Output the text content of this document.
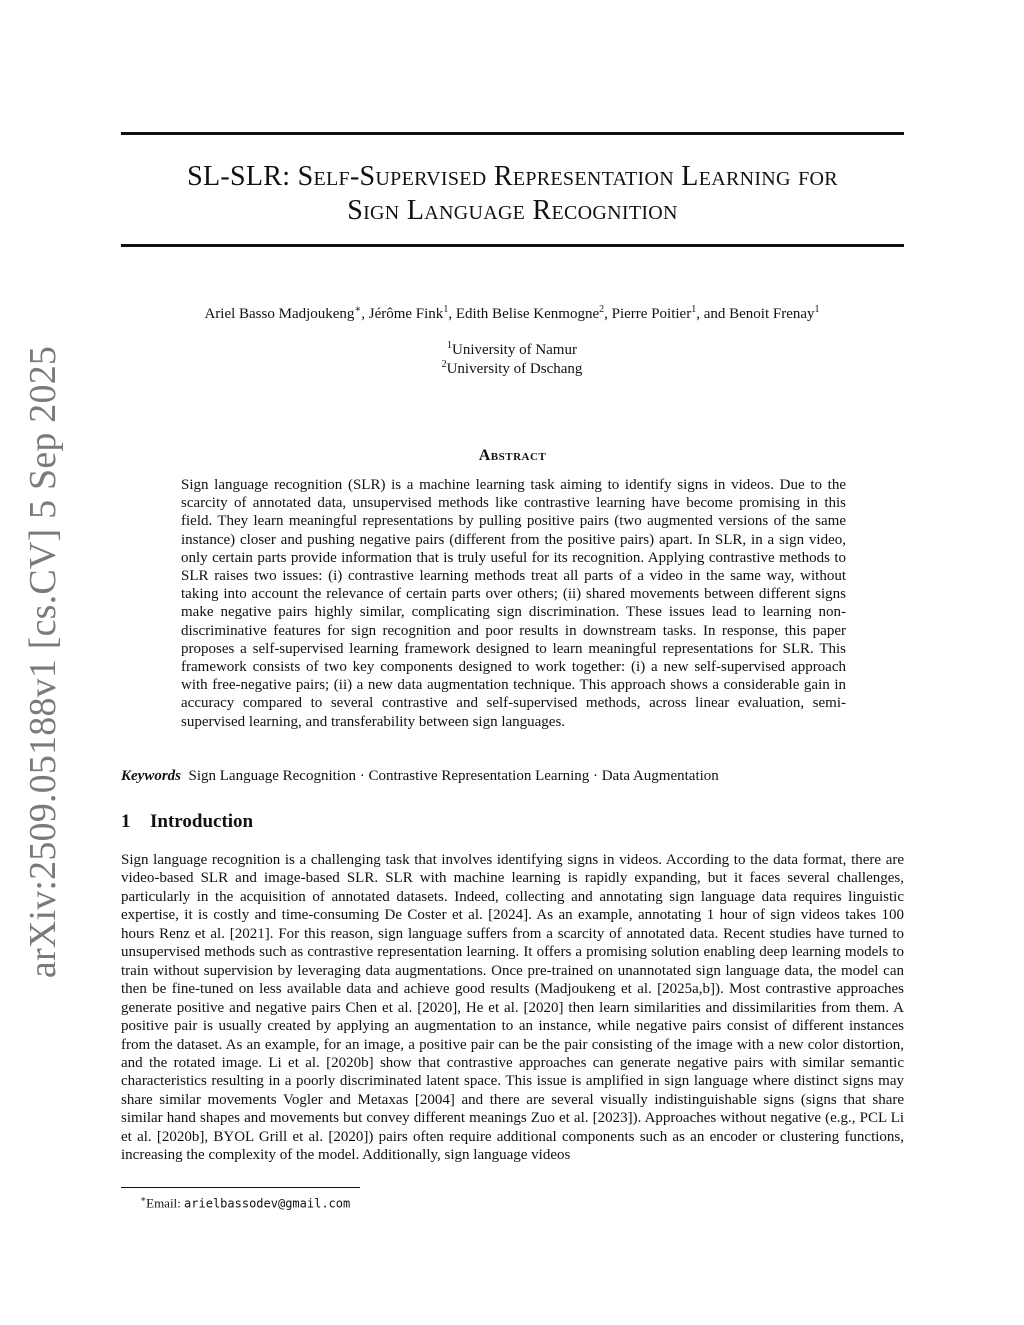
arXiv:2509.05188v1 [cs.CV] 5 Sep 2025
SL-SLR: Self-Supervised Representation Learning for
Sign Language Recognition
Ariel Basso Madjoukeng∗, Jérôme Fink$^1$, Edith Belise Kenmogne$^2$, Pierre Poitier$^1$, and Benoit Frenay$^1$
$^1$University of Namur
$^2$University of Dschang
Abstract
Sign language recognition (SLR) is a machine learning task aiming to identify signs in videos. Due to the scarcity of annotated data, unsupervised methods like contrastive learning have become promising in this field. They learn meaningful representations by pulling positive pairs (two augmented versions of the same instance) closer and pushing negative pairs (different from the positive pairs) apart. In SLR, in a sign video, only certain parts provide information that is truly useful for its recognition. Applying contrastive methods to SLR raises two issues: (i) contrastive learning methods treat all parts of a video in the same way, without taking into account the relevance of certain parts over others; (ii) shared movements between different signs make negative pairs highly similar, complicating sign discrimination. These issues lead to learning non-discriminative features for sign recognition and poor results in downstream tasks. In response, this paper proposes a self-supervised learning framework designed to learn meaningful representations for SLR. This framework consists of two key components designed to work together: (i) a new self-supervised approach with free-negative pairs; (ii) a new data augmentation technique. This approach shows a considerable gain in accuracy compared to several contrastive and self-supervised methods, across linear evaluation, semi-supervised learning, and transferability between sign languages.
Keywords Sign Language Recognition · Contrastive Representation Learning · Data Augmentation
1 Introduction
Sign language recognition is a challenging task that involves identifying signs in videos. According to the data format, there are video-based SLR and image-based SLR. SLR with machine learning is rapidly expanding, but it faces several challenges, particularly in the acquisition of annotated datasets. Indeed, collecting and annotating sign language data requires linguistic expertise, it is costly and time-consuming De Coster et al. [2024]. As an example, annotating 1 hour of sign videos takes 100 hours Renz et al. [2021]. For this reason, sign language suffers from a scarcity of annotated data. Recent studies have turned to unsupervised methods such as contrastive representation learning. It offers a promising solution enabling deep learning models to train without supervision by leveraging data augmentations. Once pre-trained on unannotated sign language data, the model can then be fine-tuned on less available data and achieve good results (Madjoukeng et al. [2025a,b]). Most contrastive approaches generate positive and negative pairs Chen et al. [2020], He et al. [2020] then learn similarities and dissimilarities from them. A positive pair is usually created by applying an augmentation to an instance, while negative pairs consist of different instances from the dataset. As an example, for an image, a positive pair can be the pair consisting of the image with a new color distortion, and the rotated image. Li et al. [2020b] show that contrastive approaches can generate negative pairs with similar semantic characteristics resulting in a poorly discriminated latent space. This issue is amplified in sign language where distinct signs may share similar movements Vogler and Metaxas [2004] and there are several visually indistinguishable signs (signs that share similar hand shapes and movements but convey different meanings Zuo et al. [2023]). Approaches without negative (e.g., PCL Li et al. [2020b], BYOL Grill et al. [2020]) pairs often require additional components such as an encoder or clustering functions, increasing the complexity of the model. Additionally, sign language videos
∗Email: arielbassodev@gmail.com
